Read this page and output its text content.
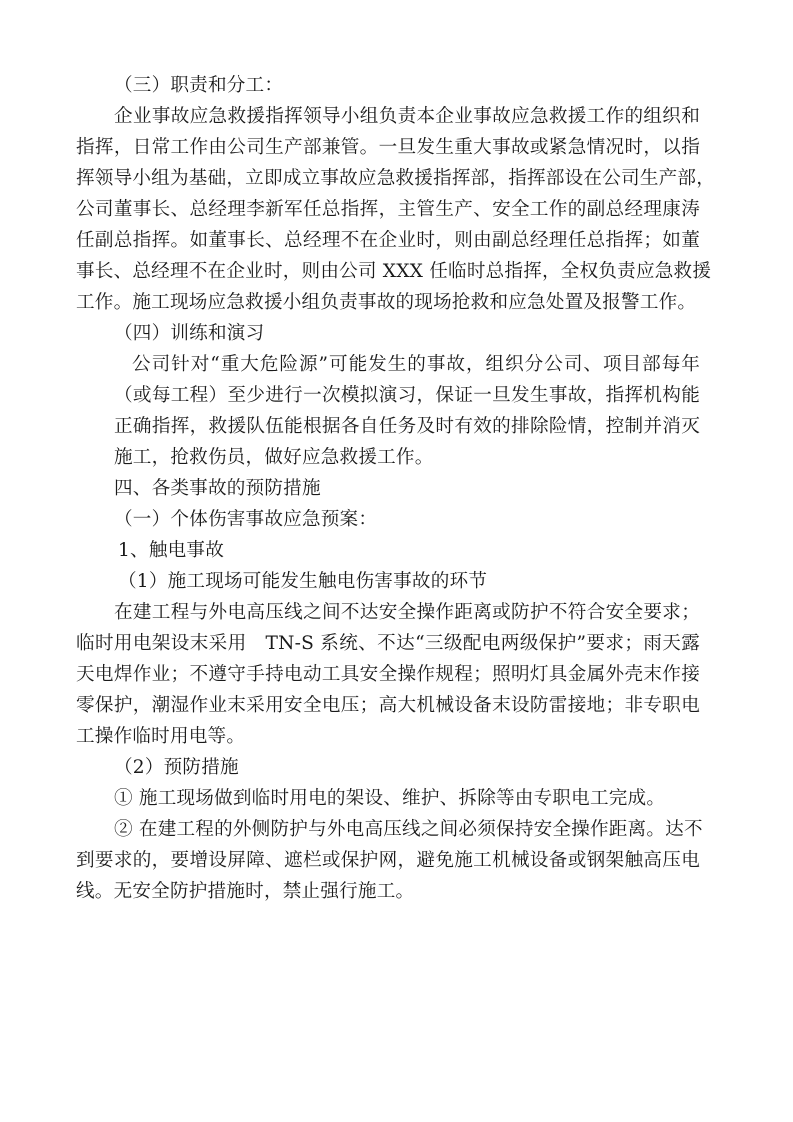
（三）职责和分工：
企业事故应急救援指挥领导小组负责本企业事故应急救援工作的组织和
指挥，日常工作由公司生产部兼管。一旦发生重大事故或紧急情况时，以指
挥领导小组为基础，立即成立事故应急救援指挥部，指挥部设在公司生产部，
公司董事长、总经理李新军任总指挥，主管生产、安全工作的副总经理康涛
任副总指挥。如董事长、总经理不在企业时，则由副总经理任总指挥；如董
事长、总经理不在企业时，则由公司 XXX 任临时总指挥，全权负责应急救援
工作。施工现场应急救援小组负责事故的现场抢救和应急处置及报警工作。
（四）训练和演习
公司针对“重大危险源”可能发生的事故，组织分公司、项目部每年
（或每工程）至少进行一次模拟演习，保证一旦发生事故，指挥机构能
正确指挥，救援队伍能根据各自任务及时有效的排除险情，控制并消灭
施工，抢救伤员，做好应急救援工作。
四、各类事故的预防措施
（一）个体伤害事故应急预案：
1、触电事故
（1）施工现场可能发生触电伤害事故的环节
在建工程与外电高压线之间不达安全操作距离或防护不符合安全要求；
临时用电架设末采用　TN-S 系统、不达“三级配电两级保护”要求；雨天露
天电焊作业；不遵守手持电动工具安全操作规程；照明灯具金属外壳末作接
零保护，潮湿作业末采用安全电压；高大机械设备末设防雷接地；非专职电
工操作临时用电等。
（2）预防措施
① 施工现场做到临时用电的架设、维护、拆除等由专职电工完成。
② 在建工程的外侧防护与外电高压线之间必须保持安全操作距离。达不
到要求的，要增设屏障、遮栏或保护网，避免施工机械设备或钢架触高压电
线。无安全防护措施时，禁止强行施工。
